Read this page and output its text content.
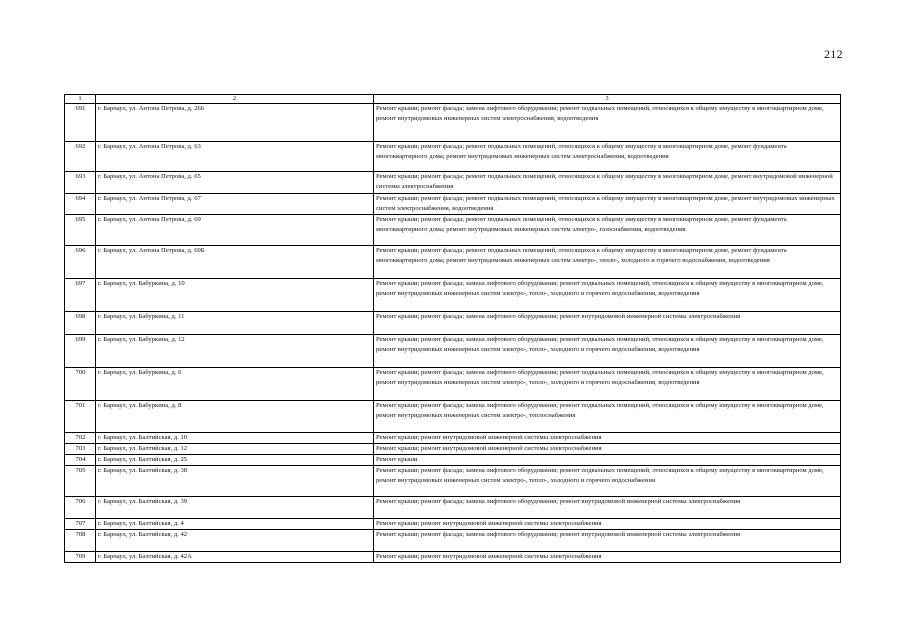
212
1	2	3
691	г. Барнаул, ул. Антона Петрова, д. 266	Ремонт крыши; ремонт фасада; замена лифтового оборудования; ремонт подвальных помещений, относящихся к общему имуществу в многоквартирном доме, ремонт внутридомовых инженерных систем электроснабжения, водоотведения
692	г. Барнаул, ул. Антона Петрова, д. 63	Ремонт крыши; ремонт фасада; ремонт подвальных помещений, относящихся к общему имуществу в многоквартирном доме, ремонт фундамента многоквартирного дома; ремонт внутридомовых инженерных систем электроснабжения, водоотведения
693	г. Барнаул, ул. Антона Петрова, д. 65	Ремонт крыши; ремонт фасада; ремонт подвальных помещений, относящихся к общему имуществу в многоквартирном доме, ремонт внутридомовой инженерной системы электроснабжения
694	г. Барнаул, ул. Антона Петрова, д. 67	Ремонт крыши; ремонт фасада; ремонт подвальных помещений, относящихся к общему имуществу в многоквартирном доме, ремонт внутридомовых инженерных систем электроснабжения, водоотведения
695	г. Барнаул, ул. Антона Петрова, д. 69	Ремонт крыши; ремонт фасада; ремонт подвальных помещений, относящихся к общему имуществу в многоквартирном доме, ремонт фундамента многоквартирного дома; ремонт внутридомовых инженерных систем электро-, газоснабжения, водоотведения
696	г. Барнаул, ул. Антона Петрова, д. 69Б	Ремонт крыши; ремонт фасада; ремонт подвальных помещений, относящихся к общему имуществу в многоквартирном доме, ремонт фундамента многоквартирного дома; ремонт внутридомовых инженерных систем электро-, тепло-, холодного и горячего водоснабжения, водоотведения
697	г. Барнаул, ул. Бабуркина, д. 10	Ремонт крыши; ремонт фасада; замена лифтового оборудования; ремонт подвальных помещений, относящихся к общему имуществу в многоквартирном доме, ремонт внутридомовых инженерных систем электро-, тепло-, холодного и горячего водоснабжения, водоотведения
698	г. Барнаул, ул. Бабуркина, д. 11	Ремонт крыши; ремонт фасада; замена лифтового оборудования; ремонт внутридомовой инженерной системы электроснабжения
699	г. Барнаул, ул. Бабуркина, д. 12	Ремонт крыши; ремонт фасада; замена лифтового оборудования; ремонт подвальных помещений, относящихся к общему имуществу в многоквартирном доме, ремонт внутридомовых инженерных систем электро-, тепло-, холодного и горячего водоснабжения, водоотведения
700	г. Барнаул, ул. Бабуркина, д. 6	Ремонт крыши; ремонт фасада; замена лифтового оборудования; ремонт подвальных помещений, относящихся к общему имуществу в многоквартирном доме, ремонт внутридомовых инженерных систем электро-, тепло-, холодного и горячего водоснабжения, водоотведения
701	г. Барнаул, ул. Бабуркина, д. 8	Ремонт крыши; ремонт фасада; замена лифтового оборудования; ремонт подвальных помещений, относящихся к общему имуществу в многоквартирном доме, ремонт внутридомовых инженерных систем электро-, теплоснабжения
702	г. Барнаул, ул. Балтийская, д. 10	Ремонт крыши; ремонт внутридомовой инженерной системы электроснабжения
703	г. Барнаул, ул. Балтийская, д. 12	Ремонт крыши; ремонт внутридомовой инженерной системы электроснабжения
704	г. Барнаул, ул. Балтийская, д. 25	Ремонт крыши
705	г. Барнаул, ул. Балтийская, д. 38	Ремонт крыши; ремонт фасада; замена лифтового оборудования; ремонт подвальных помещений, относящихся к общему имуществу в многоквартирном доме, ремонт внутридомовых инженерных систем электро-, тепло-, холодного и горячего водоснабжения
706	г. Барнаул, ул. Балтийская, д. 39	Ремонт крыши; ремонт фасада; замена лифтового оборудования; ремонт внутридомовой инженерной системы электроснабжения
707	г. Барнаул, ул. Балтийская, д. 4	Ремонт крыши; ремонт внутридомовой инженерной системы электроснабжения
708	г. Барнаул, ул. Балтийская, д. 42	Ремонт крыши; ремонт фасада; замена лифтового оборудования; ремонт внутридомовой инженерной системы электроснабжения
709	г. Барнаул, ул. Балтийская, д. 42А	Ремонт крыши; ремонт внутридомовой инженерной системы электроснабжения
